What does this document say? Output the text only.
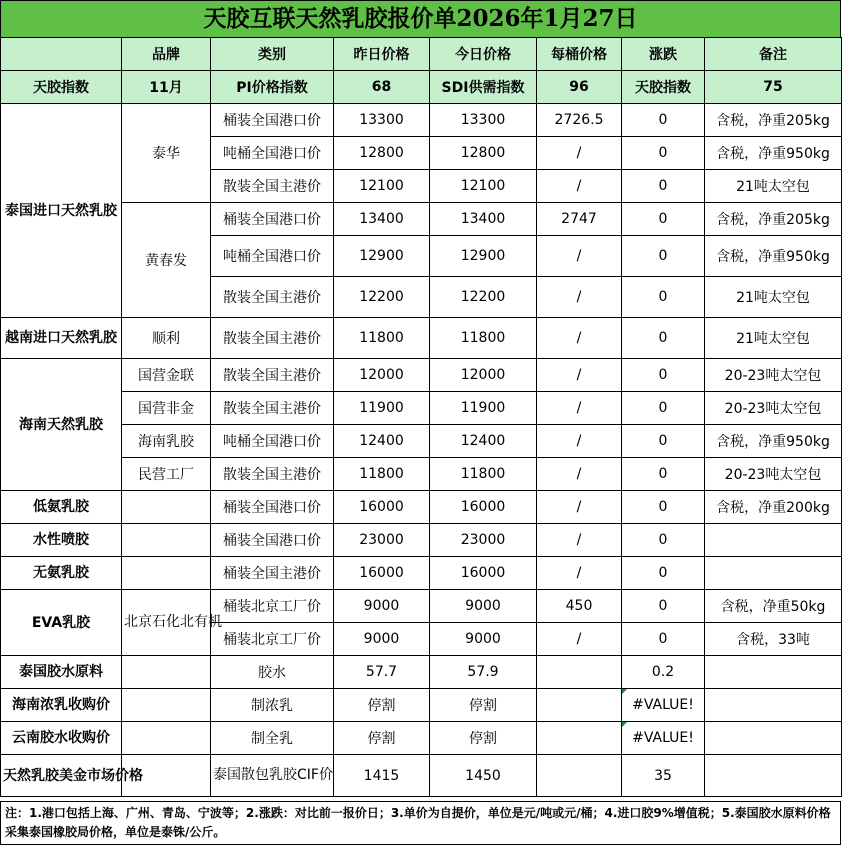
天胶互联天然乳胶报价单2026年1月27日
	品牌	类别	昨日价格	今日价格	每桶价格	涨跌	备注
天胶指数	11月	PI价格指数	68	SDI供需指数	96	天胶指数	75
泰国进口天然乳胶	泰华	桶装全国港口价	13300	13300	2726.5	0	含税，净重205kg
		吨桶全国港口价	12800	12800	/	0	含税，净重950kg
		散装全国主港价	12100	12100	/	0	21吨太空包
	黄春发	桶装全国港口价	13400	13400	2747	0	含税，净重205kg
		吨桶全国港口价	12900	12900	/	0	含税，净重950kg
		散装全国主港价	12200	12200	/	0	21吨太空包
越南进口天然乳胶	顺利	散装全国主港价	11800	11800	/	0	21吨太空包
海南天然乳胶	国营金联	散装全国主港价	12000	12000	/	0	20-23吨太空包
	国营非金	散装全国主港价	11900	11900	/	0	20-23吨太空包
	海南乳胶	吨桶全国港口价	12400	12400	/	0	含税，净重950kg
	民营工厂	散装全国主港价	11800	11800	/	0	20-23吨太空包
低氨乳胶		桶装全国港口价	16000	16000	/	0	含税，净重200kg
水性喷胶		桶装全国港口价	23000	23000	/	0	
无氨乳胶		桶装全国主港价	16000	16000	/	0	
EVA乳胶	北京石化北有机	桶装北京工厂价	9000	9000	450	0	含税，净重50kg
		桶装北京工厂价	9000	9000	/	0	含税，33吨
泰国胶水原料		胶水	57.7	57.9		0.2	
海南浓乳收购价		制浓乳	停割	停割		#VALUE!	
云南胶水收购价		制全乳	停割	停割		#VALUE!	
天然乳胶美金市场价格		泰国散包乳胶CIF价	1415	1450		35	
注：1.港口包括上海、广州、青岛、宁波等；2.涨跌：对比前一报价日；3.单价为自提价，单位是元/吨或元/桶；4.进口胶9%增值税；5.泰国胶水原料价格采集泰国橡胶局价格，单位是泰铢/公斤。
